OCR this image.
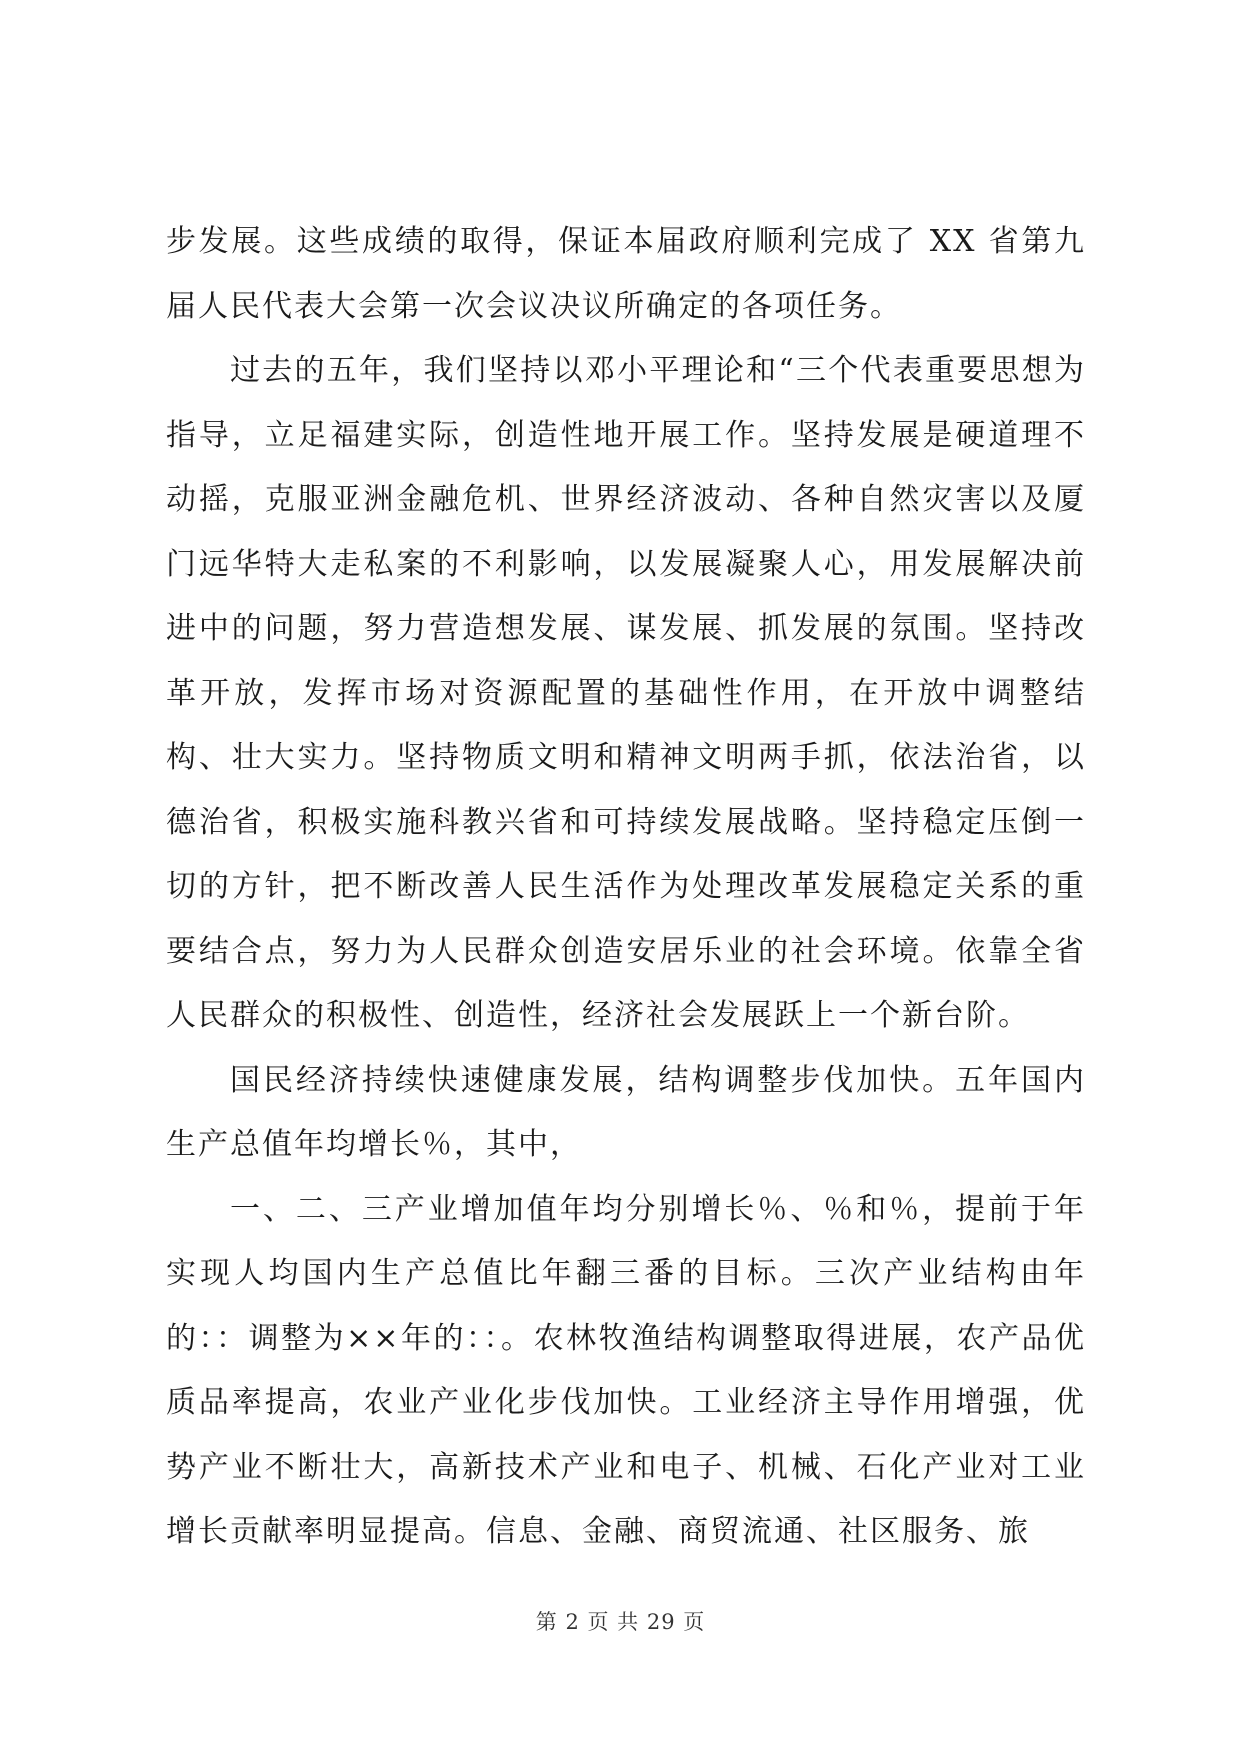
步发展。这些成绩的取得，保证本届政府顺利完成了 XX 省第九届人民代表大会第一次会议决议所确定的各项任务。

过去的五年，我们坚持以邓小平理论和“三个代表重要思想为指导，立足福建实际，创造性地开展工作。坚持发展是硬道理不动摇，克服亚洲金融危机、世界经济波动、各种自然灾害以及厦门远华特大走私案的不利影响，以发展凝聚人心，用发展解决前进中的问题，努力营造想发展、谋发展、抓发展的氛围。坚持改革开放，发挥市场对资源配置的基础性作用，在开放中调整结构、壮大实力。坚持物质文明和精神文明两手抓，依法治省，以德治省，积极实施科教兴省和可持续发展战略。坚持稳定压倒一切的方针，把不断改善人民生活作为处理改革发展稳定关系的重要结合点，努力为人民群众创造安居乐业的社会环境。依靠全省人民群众的积极性、创造性，经济社会发展跃上一个新台阶。

国民经济持续快速健康发展，结构调整步伐加快。五年国内生产总值年均增长％，其中，

一、二、三产业增加值年均分别增长％、％和％，提前于年实现人均国内生产总值比年翻三番的目标。三次产业结构由年的：：调整为××年的：：。农林牧渔结构调整取得进展，农产品优质品率提高，农业产业化步伐加快。工业经济主导作用增强，优势产业不断壮大，高新技术产业和电子、机械、石化产业对工业增长贡献率明显提高。信息、金融、商贸流通、社区服务、旅

第 2 页 共 29 页
